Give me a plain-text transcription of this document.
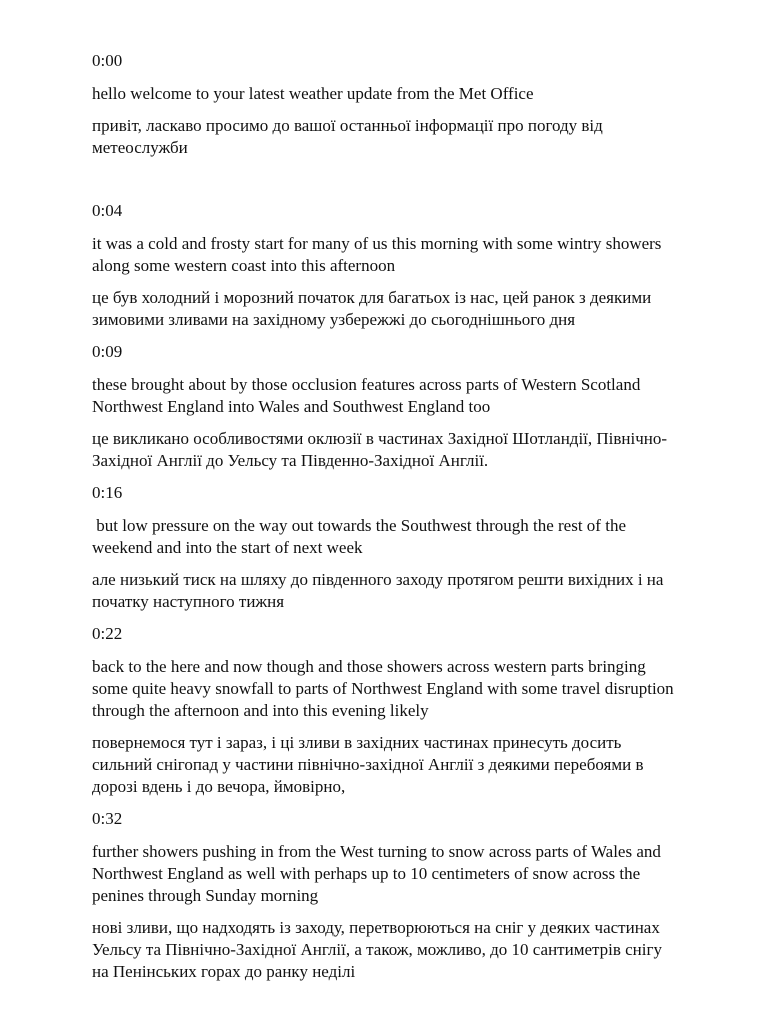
0:00

hello welcome to your latest weather update from the Met Office

привіт, ласкаво просимо до вашої останньої інформації про погоду від
метеослужби

0:04

it was a cold and frosty start for many of us this morning with some wintry showers
along some western coast into this afternoon

це був холодний і морозний початок для багатьох із нас, цей ранок з деякими
зимовими зливами на західному узбережжі до сьогоднішнього дня

0:09

these brought about by those occlusion features across parts of Western Scotland
Northwest England into Wales and Southwest England too

це викликано особливостями оклюзії в частинах Західної Шотландії, Північно-
Західної Англії до Уельсу та Південно-Західної Англії.

0:16

but low pressure on the way out towards the Southwest through the rest of the
weekend and into the start of next week

але низький тиск на шляху до південного заходу протягом решти вихідних і на
початку наступного тижня

0:22

back to the here and now though and those showers across western parts bringing
some quite heavy snowfall to parts of Northwest England with some travel disruption
through the afternoon and into this evening likely

повернемося тут і зараз, і ці зливи в західних частинах принесуть досить
сильний снігопад у частини північно-західної Англії з деякими перебоями в
дорозі вдень і до вечора, ймовірно,

0:32

further showers pushing in from the West turning to snow across parts of Wales and
Northwest England as well with perhaps up to 10 centimeters of snow across the
penines through Sunday morning

нові зливи, що надходять із заходу, перетворюються на сніг у деяких частинах
Уельсу та Північно-Західної Англії, а також, можливо, до 10 сантиметрів снігу
на Пенінських горах до ранку неділі
